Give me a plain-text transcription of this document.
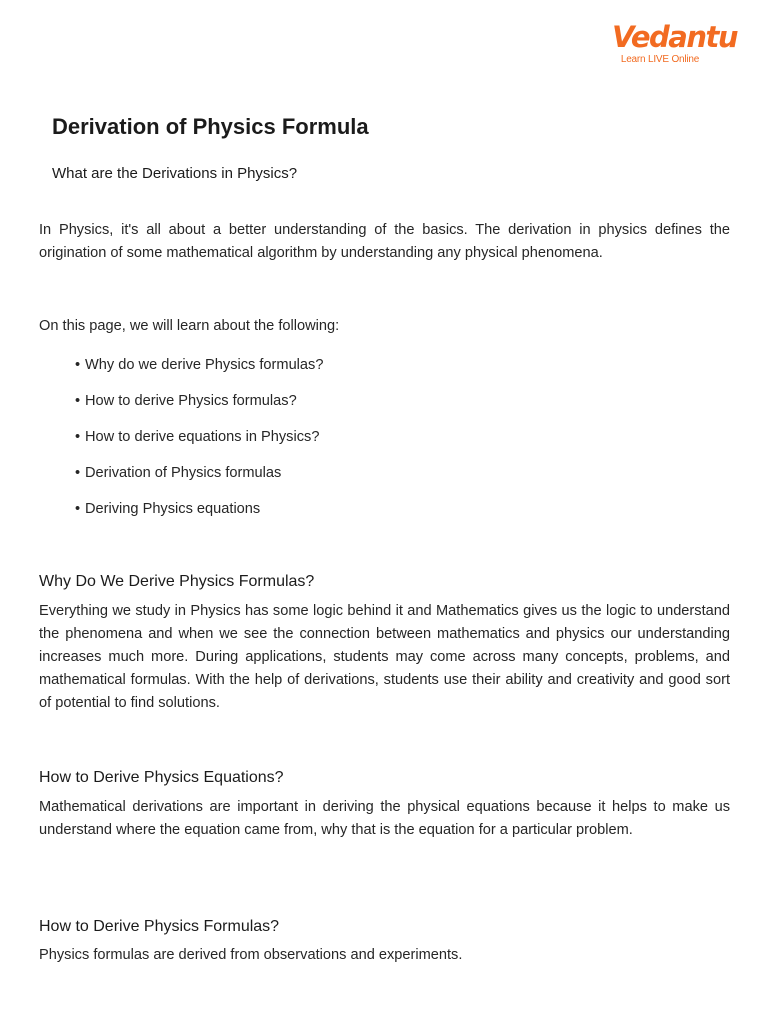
Vedantu
Learn LIVE Online
Derivation of Physics Formula
What are the Derivations in Physics?

In Physics, it's all about a better understanding of the basics. The derivation in physics defines the origination of some mathematical algorithm by understanding any physical phenomena.

On this page, we will learn about the following:

• Why do we derive Physics formulas?
• How to derive Physics formulas?
• How to derive equations in Physics?
• Derivation of Physics formulas
• Deriving Physics equations
Why Do We Derive Physics Formulas?

Everything we study in Physics has some logic behind it and Mathematics gives us the logic to understand the phenomena and when we see the connection between mathematics and physics our understanding increases much more. During applications, students may come across many concepts, problems, and mathematical formulas. With the help of derivations, students use their ability and creativity and good sort of potential to find solutions.

How to Derive Physics Equations?

Mathematical derivations are important in deriving the physical equations because it helps to make us understand where the equation came from, why that is the equation for a particular problem.

How to Derive Physics Formulas?

Physics formulas are derived from observations and experiments.
